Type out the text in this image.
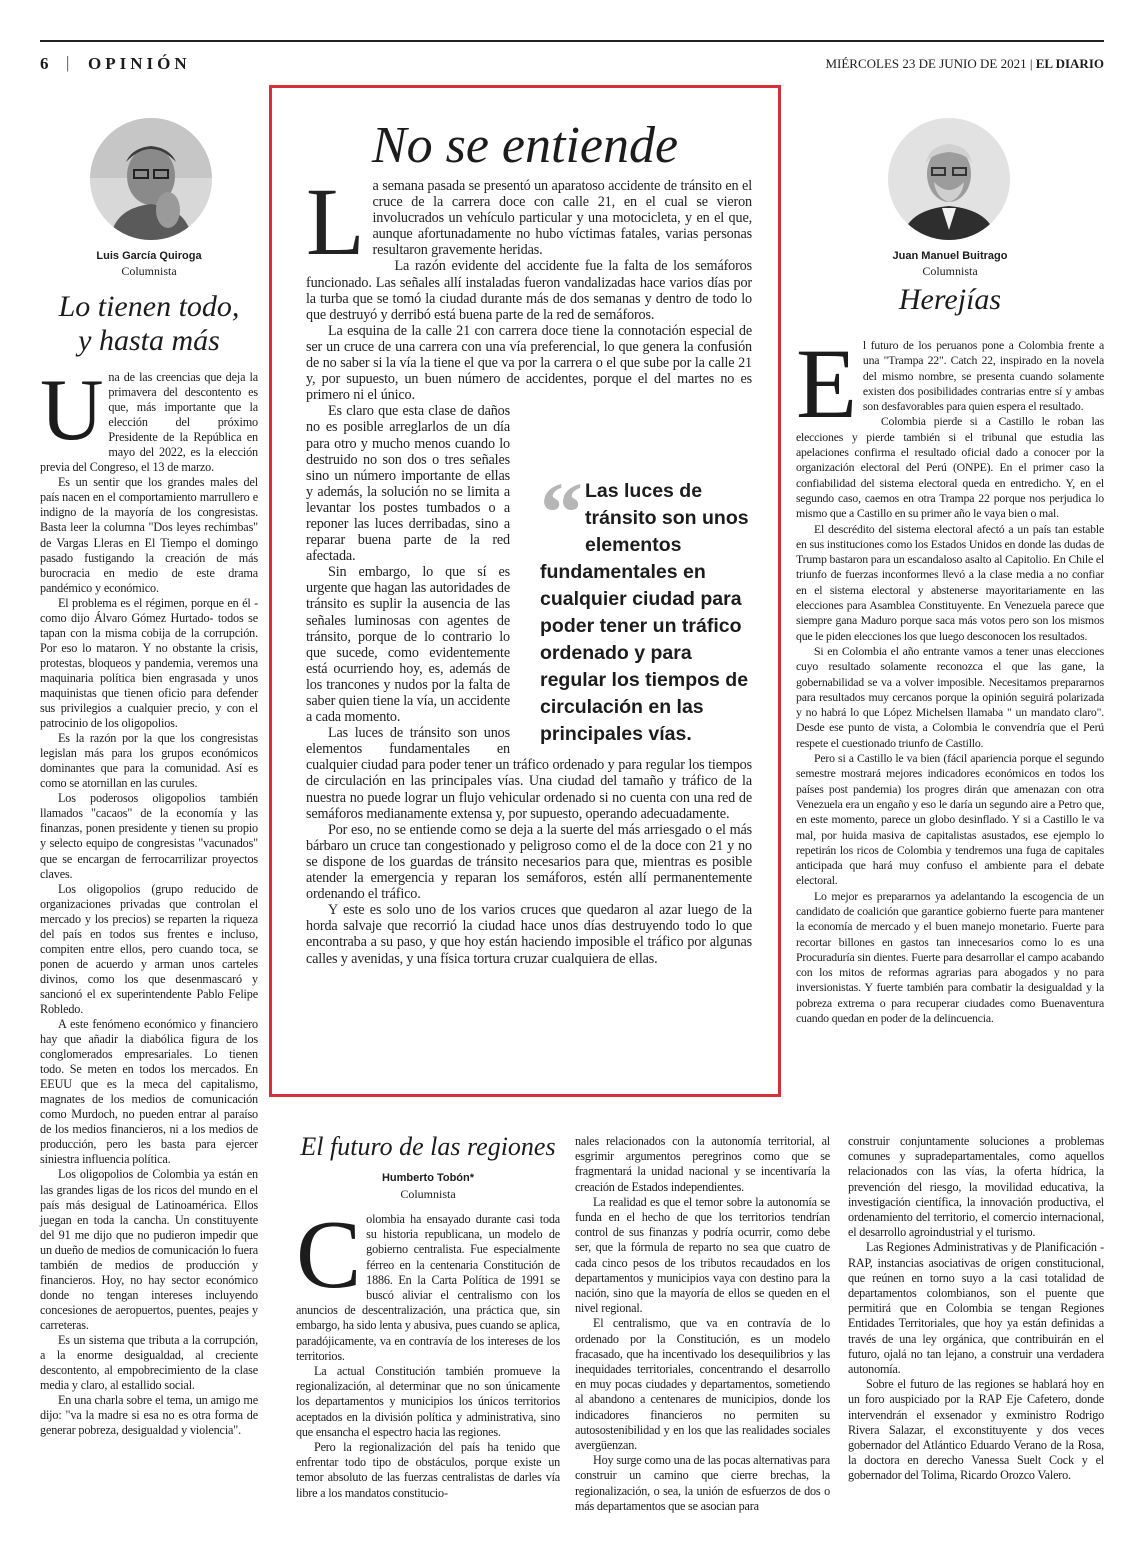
6 | OPINIÓN	MIÉRCOLES 23 DE JUNIO DE 2021 | EL DIARIO
Luis García Quiroga
Columnista
Lo tienen todo,
y hasta más
U na de las creencias que deja la primavera del descontento es que, más importante que la elección del próximo Presidente de la República en mayo del 2022, es la elección previa del Congreso, el 13 de marzo.

Es un sentir que los grandes males del país nacen en el comportamiento marrullero e indigno de la mayoría de los congresistas. Basta leer la columna "Dos leyes rechimbas" de Vargas Lleras en El Tiempo el domingo pasado fustigando la creación de más burocracia en medio de este drama pandémico y económico.

El problema es el régimen, porque en él -como dijo Álvaro Gómez Hurtado- todos se tapan con la misma cobija de la corrupción. Por eso lo mataron. Y no obstante la crisis, protestas, bloqueos y pandemia, veremos una maquinaria política bien engrasada y unos maquinistas que tienen oficio para defender sus privilegios a cualquier precio, y con el patrocinio de los oligopolios.

Es la razón por la que los congresistas legislan más para los grupos económicos dominantes que para la comunidad. Así es como se atornillan en las curules.

Los poderosos oligopolios también llamados "cacaos" de la economía y las finanzas, ponen presidente y tienen su propio y selecto equipo de congresistas "vacunados" que se encargan de ferrocarrilizar proyectos claves.

Los oligopolios (grupo reducido de organizaciones privadas que controlan el mercado y los precios) se reparten la riqueza del país en todos sus frentes e incluso, compiten entre ellos, pero cuando toca, se ponen de acuerdo y arman unos carteles divinos, como los que desenmascaró y sancionó el ex superintendente Pablo Felipe Robledo.

A este fenómeno económico y financiero hay que añadir la diabólica figura de los conglomerados empresariales. Lo tienen todo. Se meten en todos los mercados. En EEUU que es la meca del capitalismo, magnates de los medios de comunicación como Murdoch, no pueden entrar al paraíso de los medios financieros, ni a los medios de producción, pero les basta para ejercer siniestra influencia política.

Los oligopolios de Colombia ya están en las grandes ligas de los ricos del mundo en el país más desigual de Latinoamérica. Ellos juegan en toda la cancha. Un constituyente del 91 me dijo que no pudieron impedir que un dueño de medios de comunicación lo fuera también de medios de producción y financieros. Hoy, no hay sector económico donde no tengan intereses incluyendo concesiones de aeropuertos, puentes, peajes y carreteras.

Es un sistema que tributa a la corrupción, a la enorme desigualdad, al creciente descontento, al empobrecimiento de la clase media y claro, al estallido social.

En una charla sobre el tema, un amigo me dijo: "va la madre si esa no es otra forma de generar pobreza, desigualdad y violencia".

No se entiende
L a semana pasada se presentó un aparatoso accidente de tránsito en el cruce de la carrera doce con calle 21, en el cual se vieron involucrados un vehículo particular y una motocicleta, y en el que, aunque afortunadamente no hubo víctimas fatales, varias personas resultaron gravemente heridas.

La razón evidente del accidente fue la falta de los semáforos funcionado. Las señales allí instaladas fueron vandalizadas hace varios días por la turba que se tomó la ciudad durante más de dos semanas y dentro de todo lo que destruyó y derribó está buena parte de la red de semáforos.

La esquina de la calle 21 con carrera doce tiene la connotación especial de ser un cruce de una carrera con una vía preferencial, lo que genera la confusión de no saber si la vía la tiene el que va por la carrera o el que sube por la calle 21 y, por supuesto, un buen número de accidentes, porque el del martes no es primero ni el único.

Es claro que esta clase de daños no es posible arreglarlos de un día para otro y mucho menos cuando lo destruido no son dos o tres señales sino un número importante de ellas y además, la solución no se limita a levantar los postes tumbados o a reponer las luces derribadas, sino a reparar buena parte de la red afectada.

Sin embargo, lo que sí es urgente que hagan las autoridades de tránsito es suplir la ausencia de las señales luminosas con agentes de tránsito, porque de lo contrario lo que sucede, como evidentemente está ocurriendo hoy, es, además de los trancones y nudos por la falta de saber quien tiene la vía, un accidente a cada momento.

Las luces de tránsito son unos elementos fundamentales en cualquier ciudad para poder tener un tráfico ordenado y para regular los tiempos de circulación en las principales vías. Una ciudad del tamaño y tráfico de la nuestra no puede lograr un flujo vehicular ordenado si no cuenta con una red de semáforos medianamente extensa y, por supuesto, operando adecuadamente.

Por eso, no se entiende como se deja a la suerte del más arriesgado o el más bárbaro un cruce tan congestionado y peligroso como el de la doce con 21 y no se dispone de los guardas de tránsito necesarios para que, mientras es posible atender la emergencia y reparan los semáforos, estén allí permanentemente ordenando el tráfico.

Y este es solo uno de los varios cruces que quedaron al azar luego de la horda salvaje que recorrió la ciudad hace unos días destruyendo todo lo que encontraba a su paso, y que hoy están haciendo imposible el tráfico por algunas calles y avenidas, y una física tortura cruzar cualquiera de ellas.

“ Las luces de tránsito son unos elementos fundamentales en cualquier ciudad para poder tener un tráfico ordenado y para regular los tiempos de circulación en las principales vías.
Juan Manuel Buitrago
Columnista
Herejías
E l futuro de los peruanos pone a Colombia frente a una "Trampa 22". Catch 22, inspirado en la novela del mismo nombre, se presenta cuando solamente existen dos posibilidades contrarias entre sí y ambas son desfavorables para quien espera el resultado.

Colombia pierde si a Castillo le roban las elecciones y pierde también si el tribunal que estudia las apelaciones confirma el resultado oficial dado a conocer por la organización electoral del Perú (ONPE). En el primer caso la confiabilidad del sistema electoral queda en entredicho. Y, en el segundo caso, caemos en otra Trampa 22 porque nos perjudica lo mismo que a Castillo en su primer año le vaya bien o mal.

El descrédito del sistema electoral afectó a un país tan estable en sus instituciones como los Estados Unidos en donde las dudas de Trump bastaron para un escandaloso asalto al Capitolio. En Chile el triunfo de fuerzas inconformes llevó a la clase media a no confiar en el sistema electoral y abstenerse mayoritariamente en las elecciones para Asamblea Constituyente. En Venezuela parece que siempre gana Maduro porque saca más votos pero son los mismos que le piden elecciones los que luego desconocen los resultados.

Si en Colombia el año entrante vamos a tener unas elecciones cuyo resultado solamente reconozca el que las gane, la gobernabilidad se va a volver imposible. Necesitamos prepararnos para resultados muy cercanos porque la opinión seguirá polarizada y no habrá lo que López Michelsen llamaba " un mandato claro". Desde ese punto de vista, a Colombia le convendría que el Perú respete el cuestionado triunfo de Castillo.

Pero si a Castillo le va bien (fácil apariencia porque el segundo semestre mostrará mejores indicadores económicos en todos los países post pandemia) los progres dirán que amenazan con otra Venezuela era un engaño y eso le daría un segundo aire a Petro que, en este momento, parece un globo desinflado. Y si a Castillo le va mal, por huida masiva de capitalistas asustados, ese ejemplo lo repetirán los ricos de Colombia y tendremos una fuga de capitales anticipada que hará muy confuso el ambiente para el debate electoral.

Lo mejor es prepararnos ya adelantando la escogencia de un candidato de coalición que garantice gobierno fuerte para mantener la economía de mercado y el buen manejo monetario. Fuerte para recortar billones en gastos tan innecesarios como lo es una Procuraduría sin dientes. Fuerte para desarrollar el campo acabando con los mitos de reformas agrarias para abogados y no para inversionistas. Y fuerte también para combatir la desigualdad y la pobreza extrema o para recuperar ciudades como Buenaventura cuando quedan en poder de la delincuencia.

El futuro de las regiones
Humberto Tobón*
Columnista
C olombia ha ensayado durante casi toda su historia republicana, un modelo de gobierno centralista. Fue especialmente férreo en la centenaria Constitución de 1886. En la Carta Política de 1991 se buscó aliviar el centralismo con los anuncios de descentralización, una práctica que, sin embargo, ha sido lenta y abusiva, pues cuando se aplica, paradójicamente, va en contravía de los intereses de los territorios.

La actual Constitución también promueve la regionalización, al determinar que no son únicamente los departamentos y municipios los únicos territorios aceptados en la división política y administrativa, sino que ensancha el espectro hacia las regiones.

Pero la regionalización del país ha tenido que enfrentar todo tipo de obstáculos, porque existe un temor absoluto de las fuerzas centralistas de darles vía libre a los mandatos constitucio-

nales relacionados con la autonomía territorial, al esgrimir argumentos peregrinos como que se fragmentará la unidad nacional y se incentivaría la creación de Estados independientes.

La realidad es que el temor sobre la autonomía se funda en el hecho de que los territorios tendrían control de sus finanzas y podría ocurrir, como debe ser, que la fórmula de reparto no sea que cuatro de cada cinco pesos de los tributos recaudados en los departamentos y municipios vaya con destino para la nación, sino que la mayoría de ellos se queden en el nivel regional.

El centralismo, que va en contravía de lo ordenado por la Constitución, es un modelo fracasado, que ha incentivado los desequilibrios y las inequidades territoriales, concentrando el desarrollo en muy pocas ciudades y departamentos, sometiendo al abandono a centenares de municipios, donde los indicadores financieros no permiten su autosostenibilidad y en los que las realidades sociales avergüenzan.

Hoy surge como una de las pocas alternativas para construir un camino que cierre brechas, la regionalización, o sea, la unión de esfuerzos de dos o más departamentos que se asocian para

construir conjuntamente soluciones a problemas comunes y supradepartamentales, como aquellos relacionados con las vías, la oferta hídrica, la prevención del riesgo, la movilidad educativa, la investigación científica, la innovación productiva, el ordenamiento del territorio, el comercio internacional, el desarrollo agroindustrial y el turismo.

Las Regiones Administrativas y de Planificación - RAP, instancias asociativas de origen constitucional, que reúnen en torno suyo a la casi totalidad de departamentos colombianos, son el puente que permitirá que en Colombia se tengan Regiones Entidades Territoriales, que hoy ya están definidas a través de una ley orgánica, que contribuirán en el futuro, ojalá no tan lejano, a construir una verdadera autonomía.

Sobre el futuro de las regiones se hablará hoy en un foro auspiciado por la RAP Eje Cafetero, donde intervendrán el exsenador y exministro Rodrigo Rivera Salazar, el exconstituyente y dos veces gobernador del Atlántico Eduardo Verano de la Rosa, la doctora en derecho Vanessa Suelt Cock y el gobernador del Tolima, Ricardo Orozco Valero.
